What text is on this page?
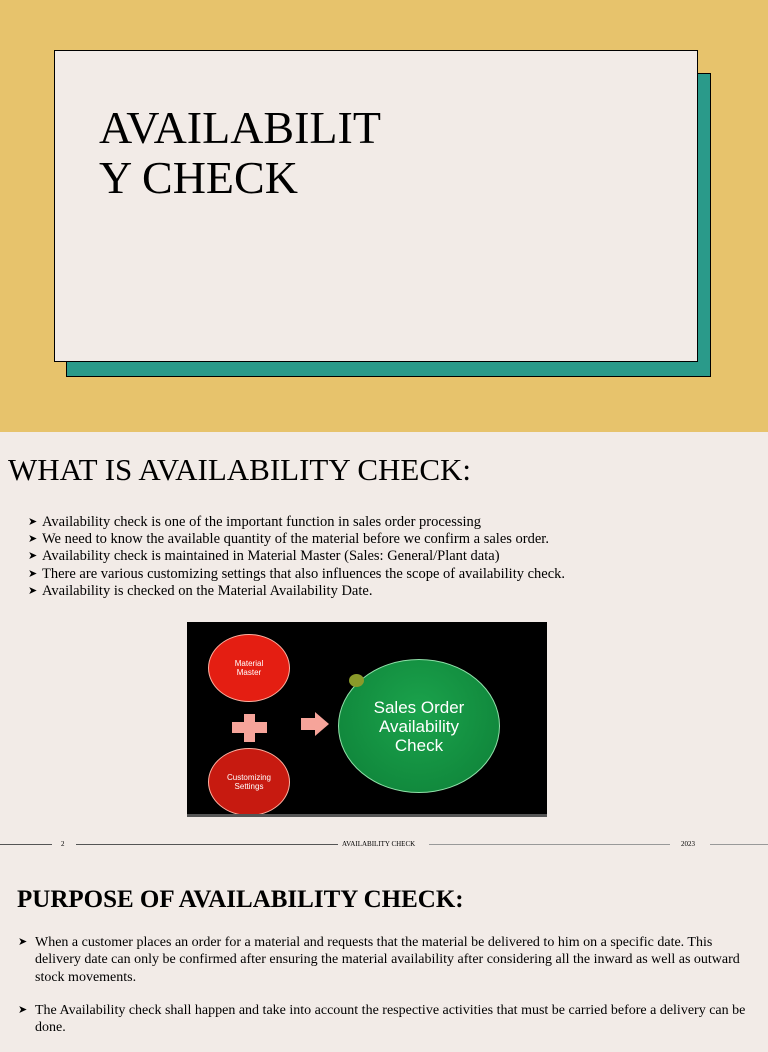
AVAILABILITY CHECK
WHAT IS AVAILABILITY CHECK:
➤ Availability check is one of the important function in sales order processing
➤ We need to know the available quantity of the material before we confirm a sales order.
➤ Availability check is maintained in Material Master (Sales: General/Plant data)
➤ There are various customizing settings that also influences the scope of availability check.
➤ Availability is checked on the Material Availability Date.
Material Master
Customizing Settings
Sales Order Availability Check
2	AVAILABILITY CHECK	2023
PURPOSE OF AVAILABILITY CHECK:
➤ When a customer places an order for a material and requests that the material be delivered to him on a specific date. This delivery date can only be confirmed after ensuring the material availability after considering all the inward as well as outward stock movements.
➤ The Availability check shall happen and take into account the respective activities that must be carried before a delivery can be done.
